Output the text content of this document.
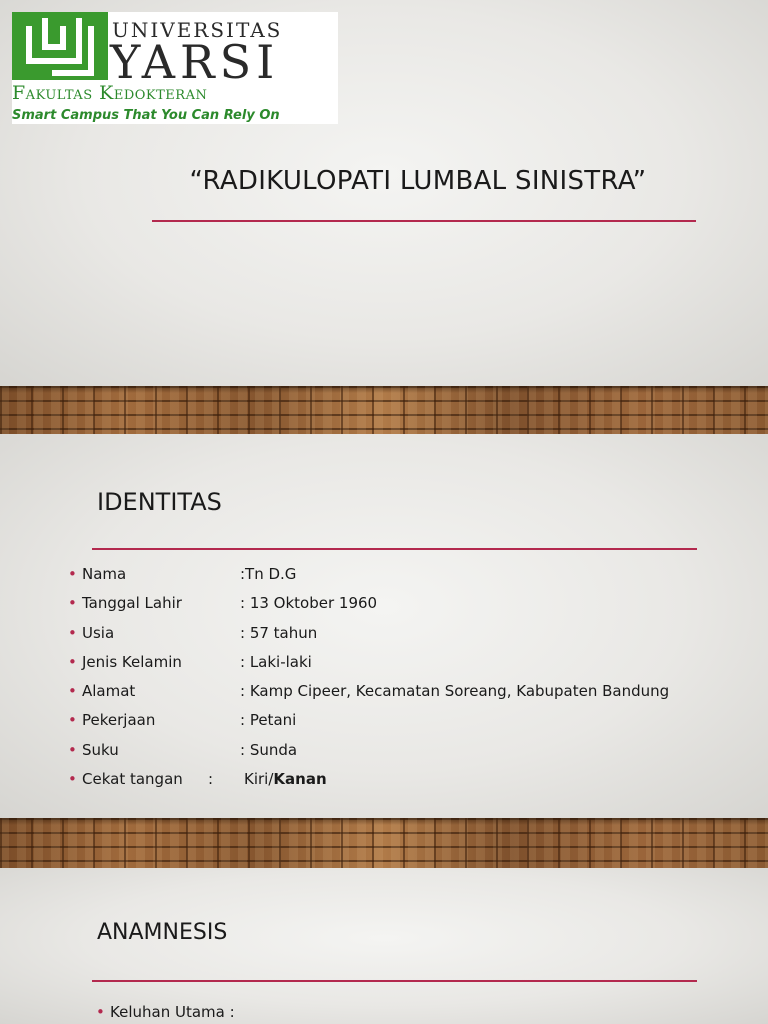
UNIVERSITAS

YARSI

Fakultas Kedokteran

Smart Campus That You Can Rely On

“RADIKULOPATI LUMBAL SINISTRA”
IDENTITAS
• Nama	:Tn D.G
• Tanggal Lahir	: 13 Oktober 1960
• Usia	: 57 tahun
• Jenis Kelamin	: Laki-laki
• Alamat	: Kamp Cipeer, Kecamatan Soreang, Kabupaten Bandung
• Pekerjaan	: Petani
• Suku	: Sunda
• Cekat tangan : Kiri/Kanan
ANAMNESIS
• Keluhan Utama :
